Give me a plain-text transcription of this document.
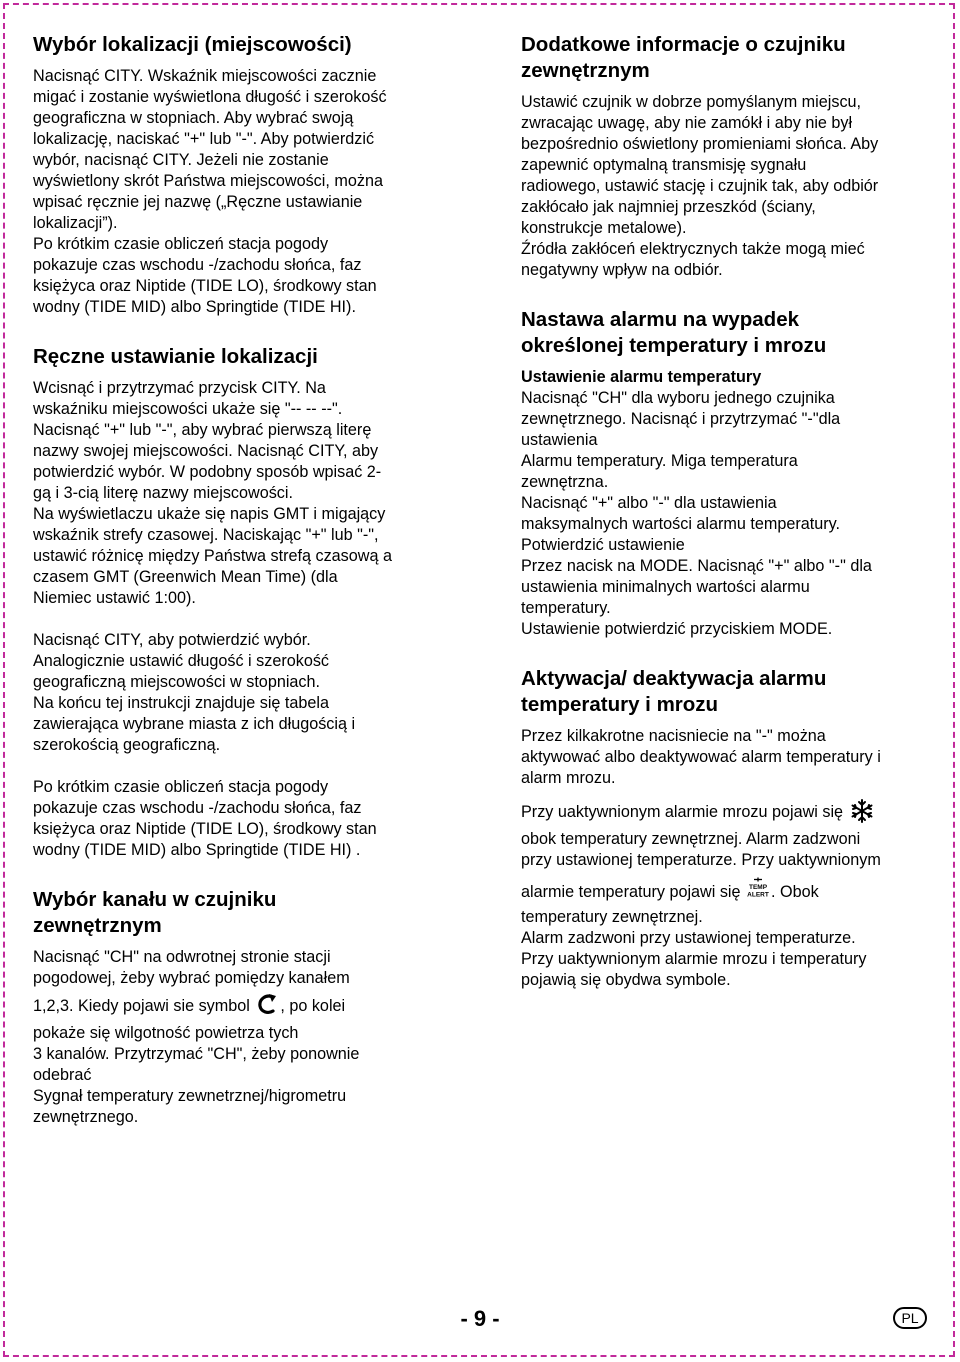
Wybór lokalizacji (miejscowości)

Nacisnąć CITY. Wskaźnik miejscowości zacznie
migać i zostanie wyświetlona długość i szerokość
geograficzna w stopniach. Aby wybrać swoją
lokalizację, naciskać "+" lub "-". Aby potwierdzić
wybór, nacisnąć CITY. Jeżeli nie zostanie
wyświetlony skrót Państwa miejscowości, można
wpisać ręcznie jej nazwę („Ręczne ustawianie
lokalizacji”).

Po krótkim czasie obliczeń stacja pogody
pokazuje czas wschodu -/zachodu słońca, faz
księżyca oraz Niptide (TIDE LO), środkowy stan
wodny (TIDE MID) albo Springtide (TIDE HI).

Ręczne ustawianie lokalizacji

Wcisnąć i przytrzymać przycisk CITY. Na
wskaźniku miejscowości ukaże się "-- -- --".
Nacisnąć "+" lub "-", aby wybrać pierwszą literę
nazwy swojej miejscowości. Nacisnąć CITY, aby
potwierdzić wybór. W podobny sposób wpisać 2-
gą i 3-cią literę nazwy miejscowości.
Na wyświetlaczu ukaże się napis GMT i migający
wskaźnik strefy czasowej. Naciskając "+" lub "-",
ustawić różnicę między Państwa strefą czasową a
czasem GMT (Greenwich Mean Time) (dla
Niemiec ustawić 1:00).

Nacisnąć CITY, aby potwierdzić wybór.
Analogicznie ustawić długość i szerokość
geograficzną miejscowości w stopniach.
Na końcu tej instrukcji znajduje się tabela
zawierająca wybrane miasta z ich długością i
szerokością geograficzną.

Po krótkim czasie obliczeń stacja pogody
pokazuje czas wschodu -/zachodu słońca, faz
księżyca oraz Niptide (TIDE LO), środkowy stan
wodny (TIDE MID) albo Springtide (TIDE HI) .

Wybór kanału w czujniku
zewnętrznym

Nacisnąć "CH" na odwrotnej stronie stacji
pogodowej, żeby wybrać pomiędzy kanałem

1,2,3. Kiedy pojawi sie symbol , po kolei

pokaże się wilgotność powietrza tych
3 kanalów. Przytrzymać "CH", żeby ponownie
odebrać
Sygnał temperatury zewnetrznej/higrometru
zewnętrznego.

Dodatkowe informacje o czujniku
zewnętrznym

Ustawić czujnik w dobrze pomyślanym miejscu,
zwracając uwagę, aby nie zamókł i aby nie był
bezpośrednio oświetlony promieniami słońca. Aby
zapewnić optymalną transmisję sygnału
radiowego, ustawić stację i czujnik tak, aby odbiór
zakłócało jak najmniej przeszkód (ściany,
konstrukcje metalowe).
Źródła zakłóceń elektrycznych także mogą mieć
negatywny wpływ na odbiór.

Nastawa alarmu na wypadek
określonej temperatury i mrozu
Ustawienie alarmu temperatury

Nacisnąć "CH" dla wyboru jednego czujnika
zewnętrznego. Nacisnąć i przytrzymać "-"dla
ustawienia
Alarmu temperatury. Miga temperatura
zewnętrzna.
Nacisnąć "+" albo "-" dla ustawienia
maksymalnych wartości alarmu temperatury.
Potwierdzić ustawienie
Przez nacisk na MODE. Nacisnąć "+" albo "-" dla
ustawienia minimalnych wartości alarmu
temperatury.
Ustawienie potwierdzić przyciskiem MODE.

Aktywacja/ deaktywacja alarmu
temperatury i mrozu

Przez kilkakrotne nacisniecie na "-" można
aktywować albo deaktywować alarm temperatury i
alarm mrozu.

Przy uaktywnionym alarmie mrozu pojawi się
obok temperatury zewnętrznej. Alarm zadzwoni
przy ustawionej temperaturze. Przy uaktywnionym

alarmie temperatury pojawi się TEMP
ALERT . Obok

temperatury zewnętrznej.
Alarm zadzwoni przy ustawionej temperaturze.
Przy uaktywnionym alarmie mrozu i temperatury
pojawią się obydwa symbole.

- 9 -	PL
